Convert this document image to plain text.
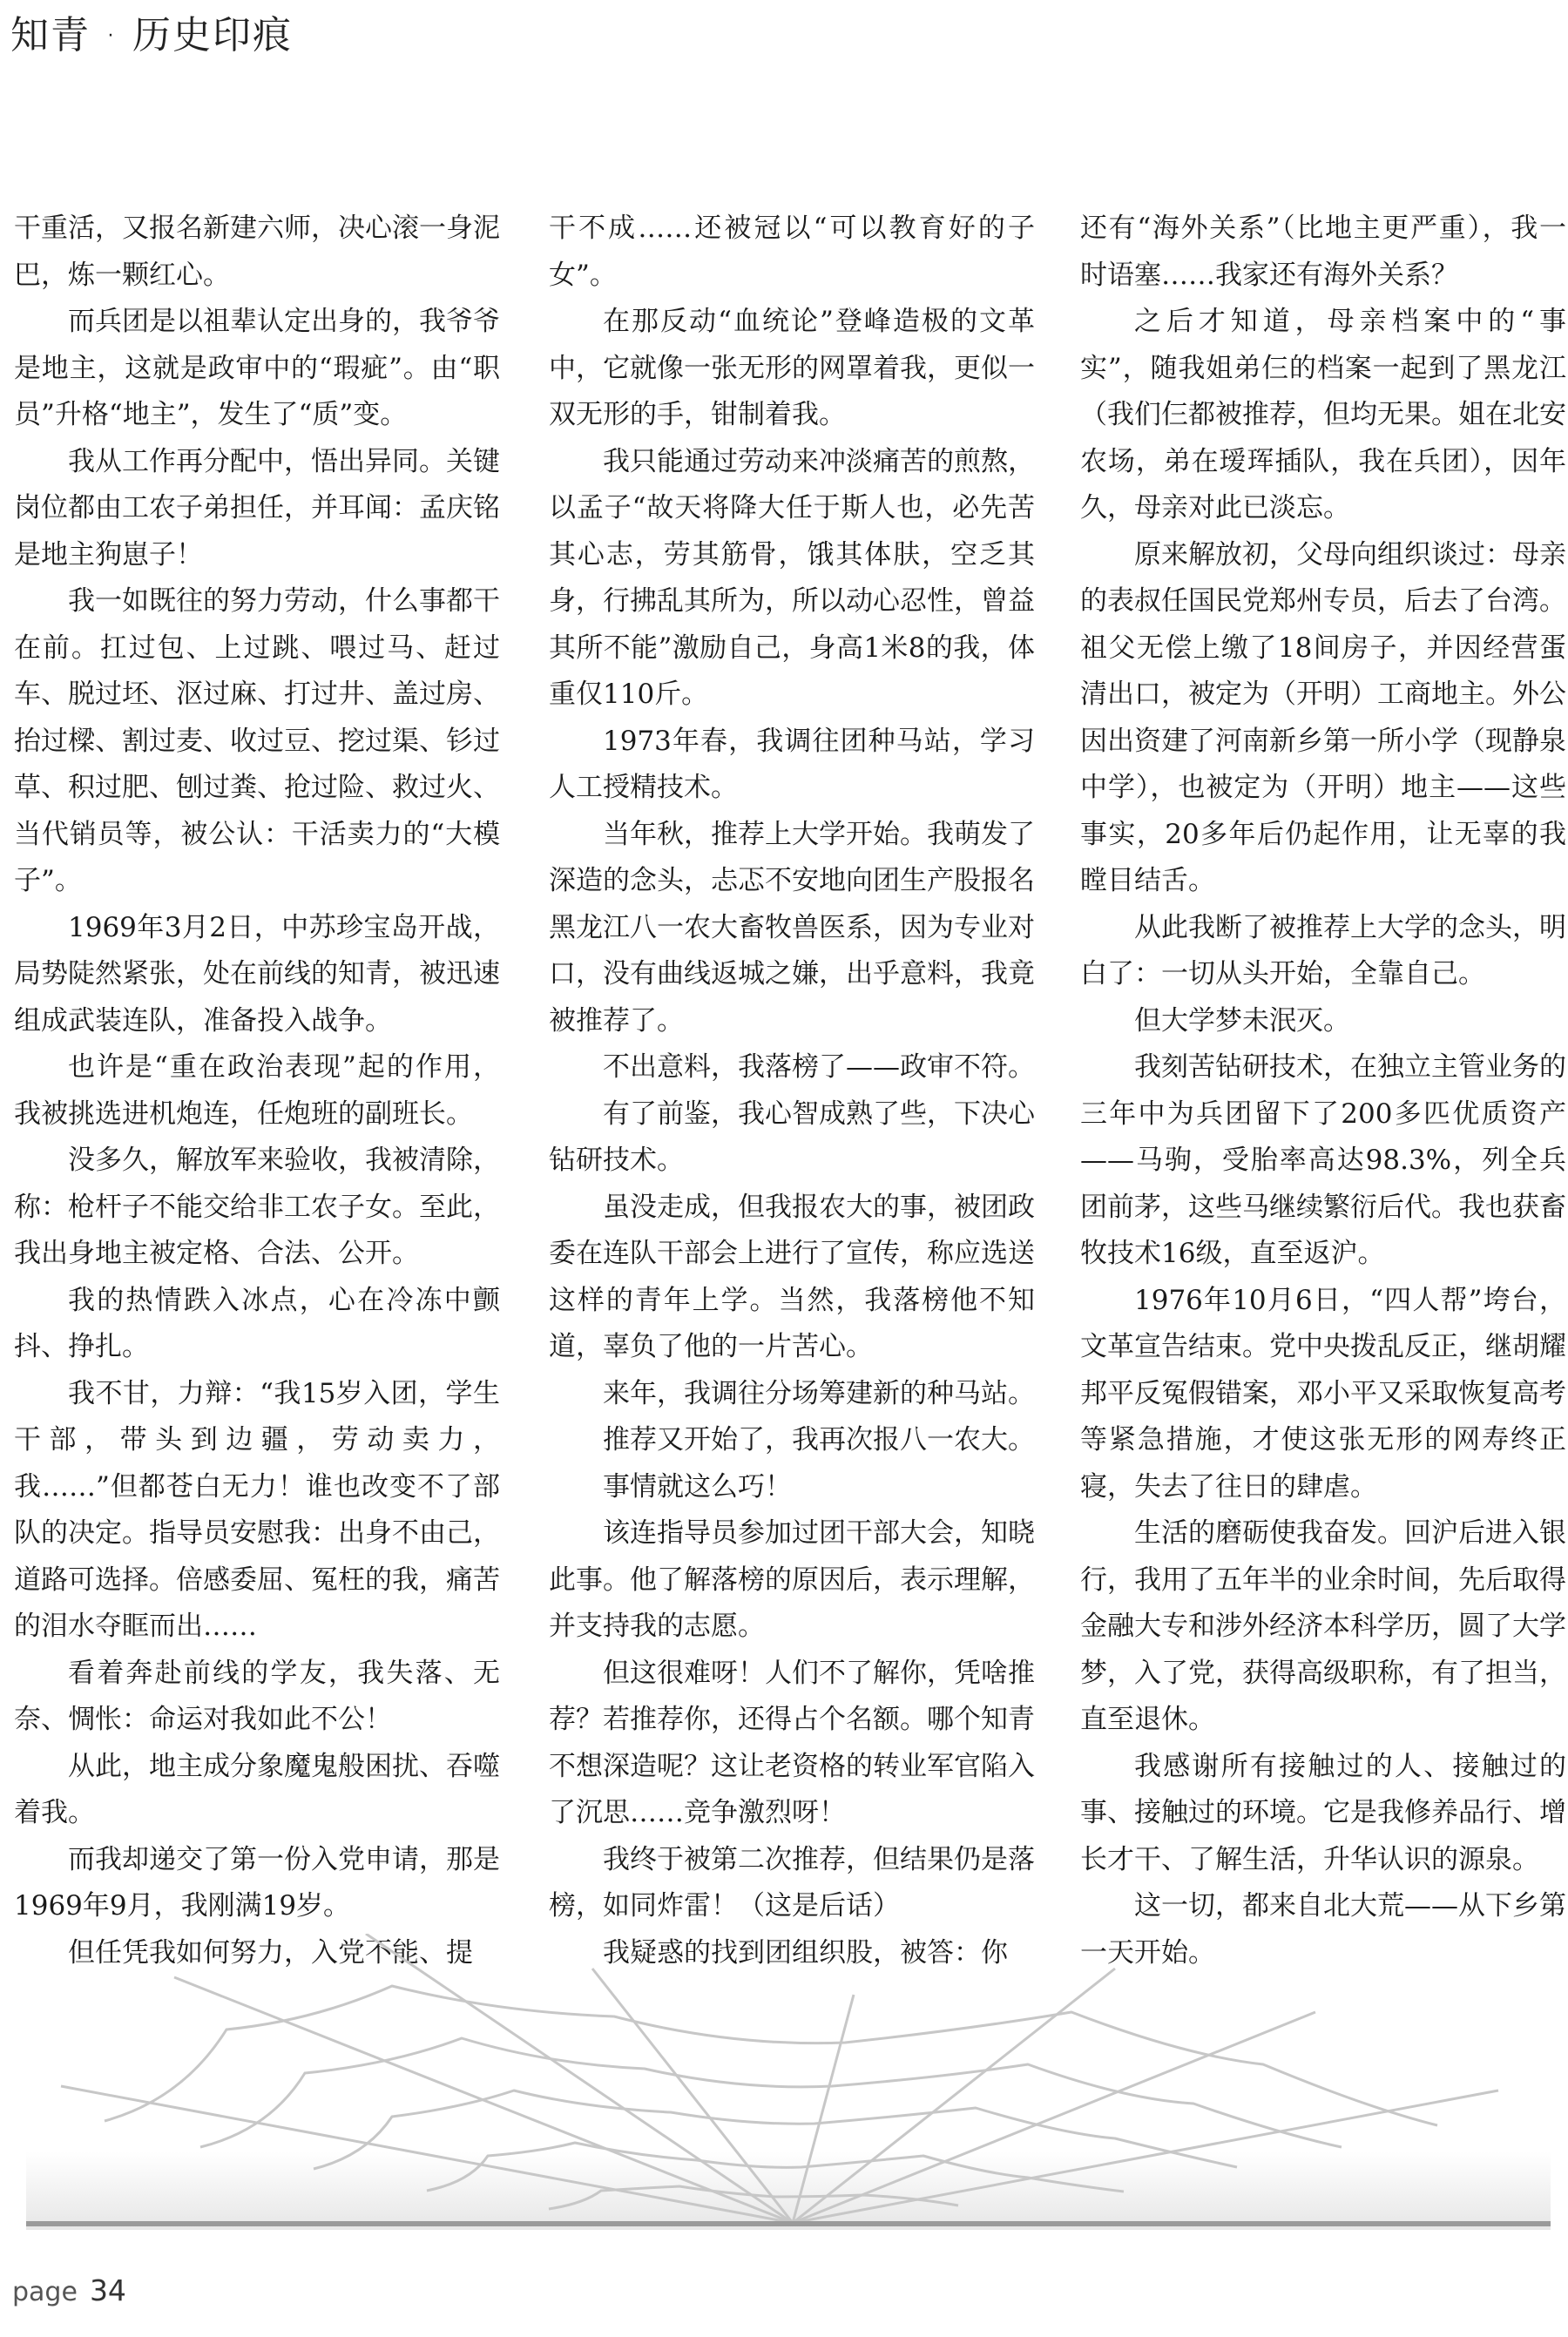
知青 · 历史印痕

干重活，又报名新建六师，决心滚一身泥巴，炼一颗红心。

而兵团是以祖辈认定出身的，我爷爷是地主，这就是政审中的“瑕疵”。由“职员”升格“地主”，发生了“质”变。

我从工作再分配中，悟出异同。关键岗位都由工农子弟担任，并耳闻：孟庆铭是地主狗崽子！

我一如既往的努力劳动，什么事都干在前。扛过包、上过跳、喂过马、赶过车、脱过坯、沤过麻、打过井、盖过房、抬过樑、割过麦、收过豆、挖过渠、钐过草、积过肥、刨过粪、抢过险、救过火、当代销员等，被公认：干活卖力的“大模子”。

1969年3月2日，中苏珍宝岛开战，局势陡然紧张，处在前线的知青，被迅速组成武装连队，准备投入战争。

也许是“重在政治表现”起的作用，我被挑选进机炮连，任炮班的副班长。

没多久，解放军来验收，我被清除，称：枪杆子不能交给非工农子女。至此，我出身地主被定格、合法、公开。

我的热情跌入冰点，心在冷冻中颤抖、挣扎。

我不甘，力辩：“我15岁入团，学生干部，带头到边疆，劳动卖力，我……”但都苍白无力！谁也改变不了部队的决定。指导员安慰我：出身不由己，道路可选择。倍感委屈、冤枉的我，痛苦的泪水夺眶而出……

看着奔赴前线的学友，我失落、无奈、惆怅：命运对我如此不公！

从此，地主成分象魔鬼般困扰、吞噬着我。

而我却递交了第一份入党申请，那是1969年9月，我刚满19岁。

但任凭我如何努力，入党不能、提

干不成……还被冠以“可以教育好的子女”。

在那反动“血统论”登峰造极的文革中，它就像一张无形的网罩着我，更似一双无形的手，钳制着我。

我只能通过劳动来冲淡痛苦的煎熬，以孟子“故天将降大任于斯人也，必先苦其心志，劳其筋骨，饿其体肤，空乏其身，行拂乱其所为，所以动心忍性，曾益其所不能”激励自己，身高1米8的我，体重仅110斤。

1973年春，我调往团种马站，学习人工授精技术。

当年秋，推荐上大学开始。我萌发了深造的念头，忐忑不安地向团生产股报名黑龙江八一农大畜牧兽医系，因为专业对口，没有曲线返城之嫌，出乎意料，我竟被推荐了。

不出意料，我落榜了——政审不符。

有了前鉴，我心智成熟了些，下决心钻研技术。

虽没走成，但我报农大的事，被团政委在连队干部会上进行了宣传，称应选送这样的青年上学。当然，我落榜他不知道，辜负了他的一片苦心。

来年，我调往分场筹建新的种马站。

推荐又开始了，我再次报八一农大。

事情就这么巧！

该连指导员参加过团干部大会，知晓此事。他了解落榜的原因后，表示理解，并支持我的志愿。

但这很难呀！人们不了解你，凭啥推荐？若推荐你，还得占个名额。哪个知青不想深造呢？这让老资格的转业军官陷入了沉思……竞争激烈呀！

我终于被第二次推荐，但结果仍是落榜，如同炸雷！（这是后话）

我疑惑的找到团组织股，被答：你

还有“海外关系”（比地主更严重），我一时语塞……我家还有海外关系？

之后才知道，母亲档案中的“事实”，随我姐弟仨的档案一起到了黑龙江（我们仨都被推荐，但均无果。姐在北安农场，弟在瑷珲插队，我在兵团），因年久，母亲对此已淡忘。

原来解放初，父母向组织谈过：母亲的表叔任国民党郑州专员，后去了台湾。祖父无偿上缴了18间房子，并因经营蛋清出口，被定为（开明）工商地主。外公因出资建了河南新乡第一所小学（现静泉中学），也被定为（开明）地主——这些事实，20多年后仍起作用，让无辜的我瞠目结舌。

从此我断了被推荐上大学的念头，明白了：一切从头开始，全靠自己。

但大学梦未泯灭。

我刻苦钻研技术，在独立主管业务的三年中为兵团留下了200多匹优质资产——马驹，受胎率高达98.3%，列全兵团前茅，这些马继续繁衍后代。我也获畜牧技术16级，直至返沪。

1976年10月6日，“四人帮”垮台，文革宣告结束。党中央拨乱反正，继胡耀邦平反冤假错案，邓小平又采取恢复高考等紧急措施，才使这张无形的网寿终正寝，失去了往日的肆虐。

生活的磨砺使我奋发。回沪后进入银行，我用了五年半的业余时间，先后取得金融大专和涉外经济本科学历，圆了大学梦，入了党，获得高级职称，有了担当，直至退休。

我感谢所有接触过的人、接触过的事、接触过的环境。它是我修养品行、增长才干、了解生活，升华认识的源泉。

这一切，都来自北大荒——从下乡第一天开始。

page 34
